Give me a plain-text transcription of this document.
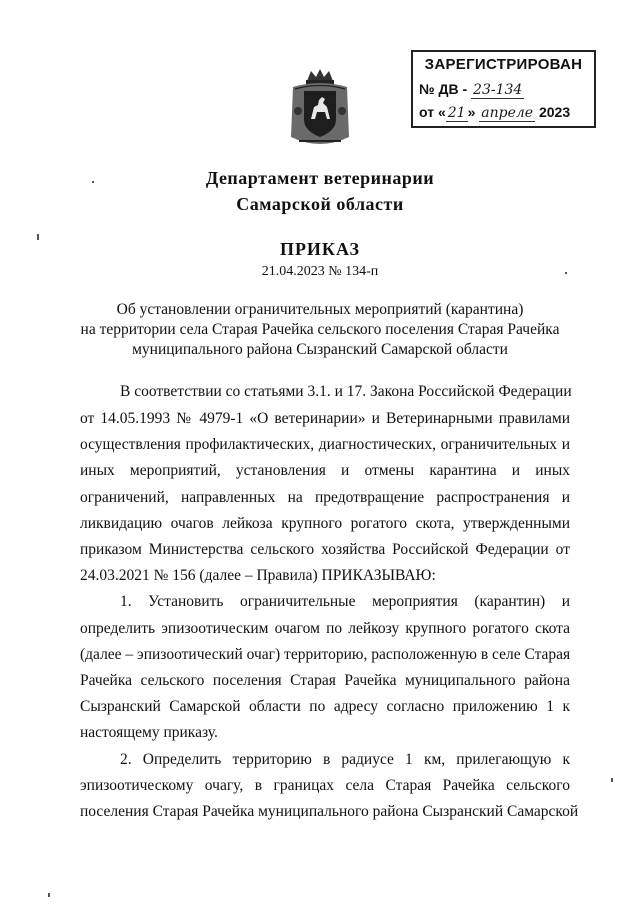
ЗАРЕГИСТРИРОВАН
№ ДВ - 23-134
от « 21 » апреле 2023
Департамент ветеринарии
Самарской области
ПРИКАЗ
21.04.2023 № 134-п
Об установлении ограничительных мероприятий (карантина)
на территории села Старая Рачейка сельского поселения Старая Рачейка
муниципального района Сызранский Самарской области
В соответствии со статьями 3.1. и 17. Закона Российской Федерации
от 14.05.1993 № 4979-1 «О ветеринарии» и Ветеринарными правилами
осуществления профилактических, диагностических, ограничительных и
иных мероприятий, установления и отмены карантина и иных
ограничений, направленных на предотвращение распространения и
ликвидацию очагов лейкоза крупного рогатого скота, утвержденными
приказом Министерства сельского хозяйства Российской Федерации от
24.03.2021 № 156 (далее – Правила) ПРИКАЗЫВАЮ:
1. Установить ограничительные мероприятия (карантин) и
определить эпизоотическим очагом по лейкозу крупного рогатого скота
(далее – эпизоотический очаг) территорию, расположенную в селе Старая
Рачейка сельского поселения Старая Рачейка муниципального района
Сызранский Самарской области по адресу согласно приложению 1 к
настоящему приказу.
2. Определить территорию в радиусе 1 км, прилегающую к
эпизоотическому очагу, в границах села Старая Рачейка сельского
поселения Старая Рачейка муниципального района Сызранский Самарской
